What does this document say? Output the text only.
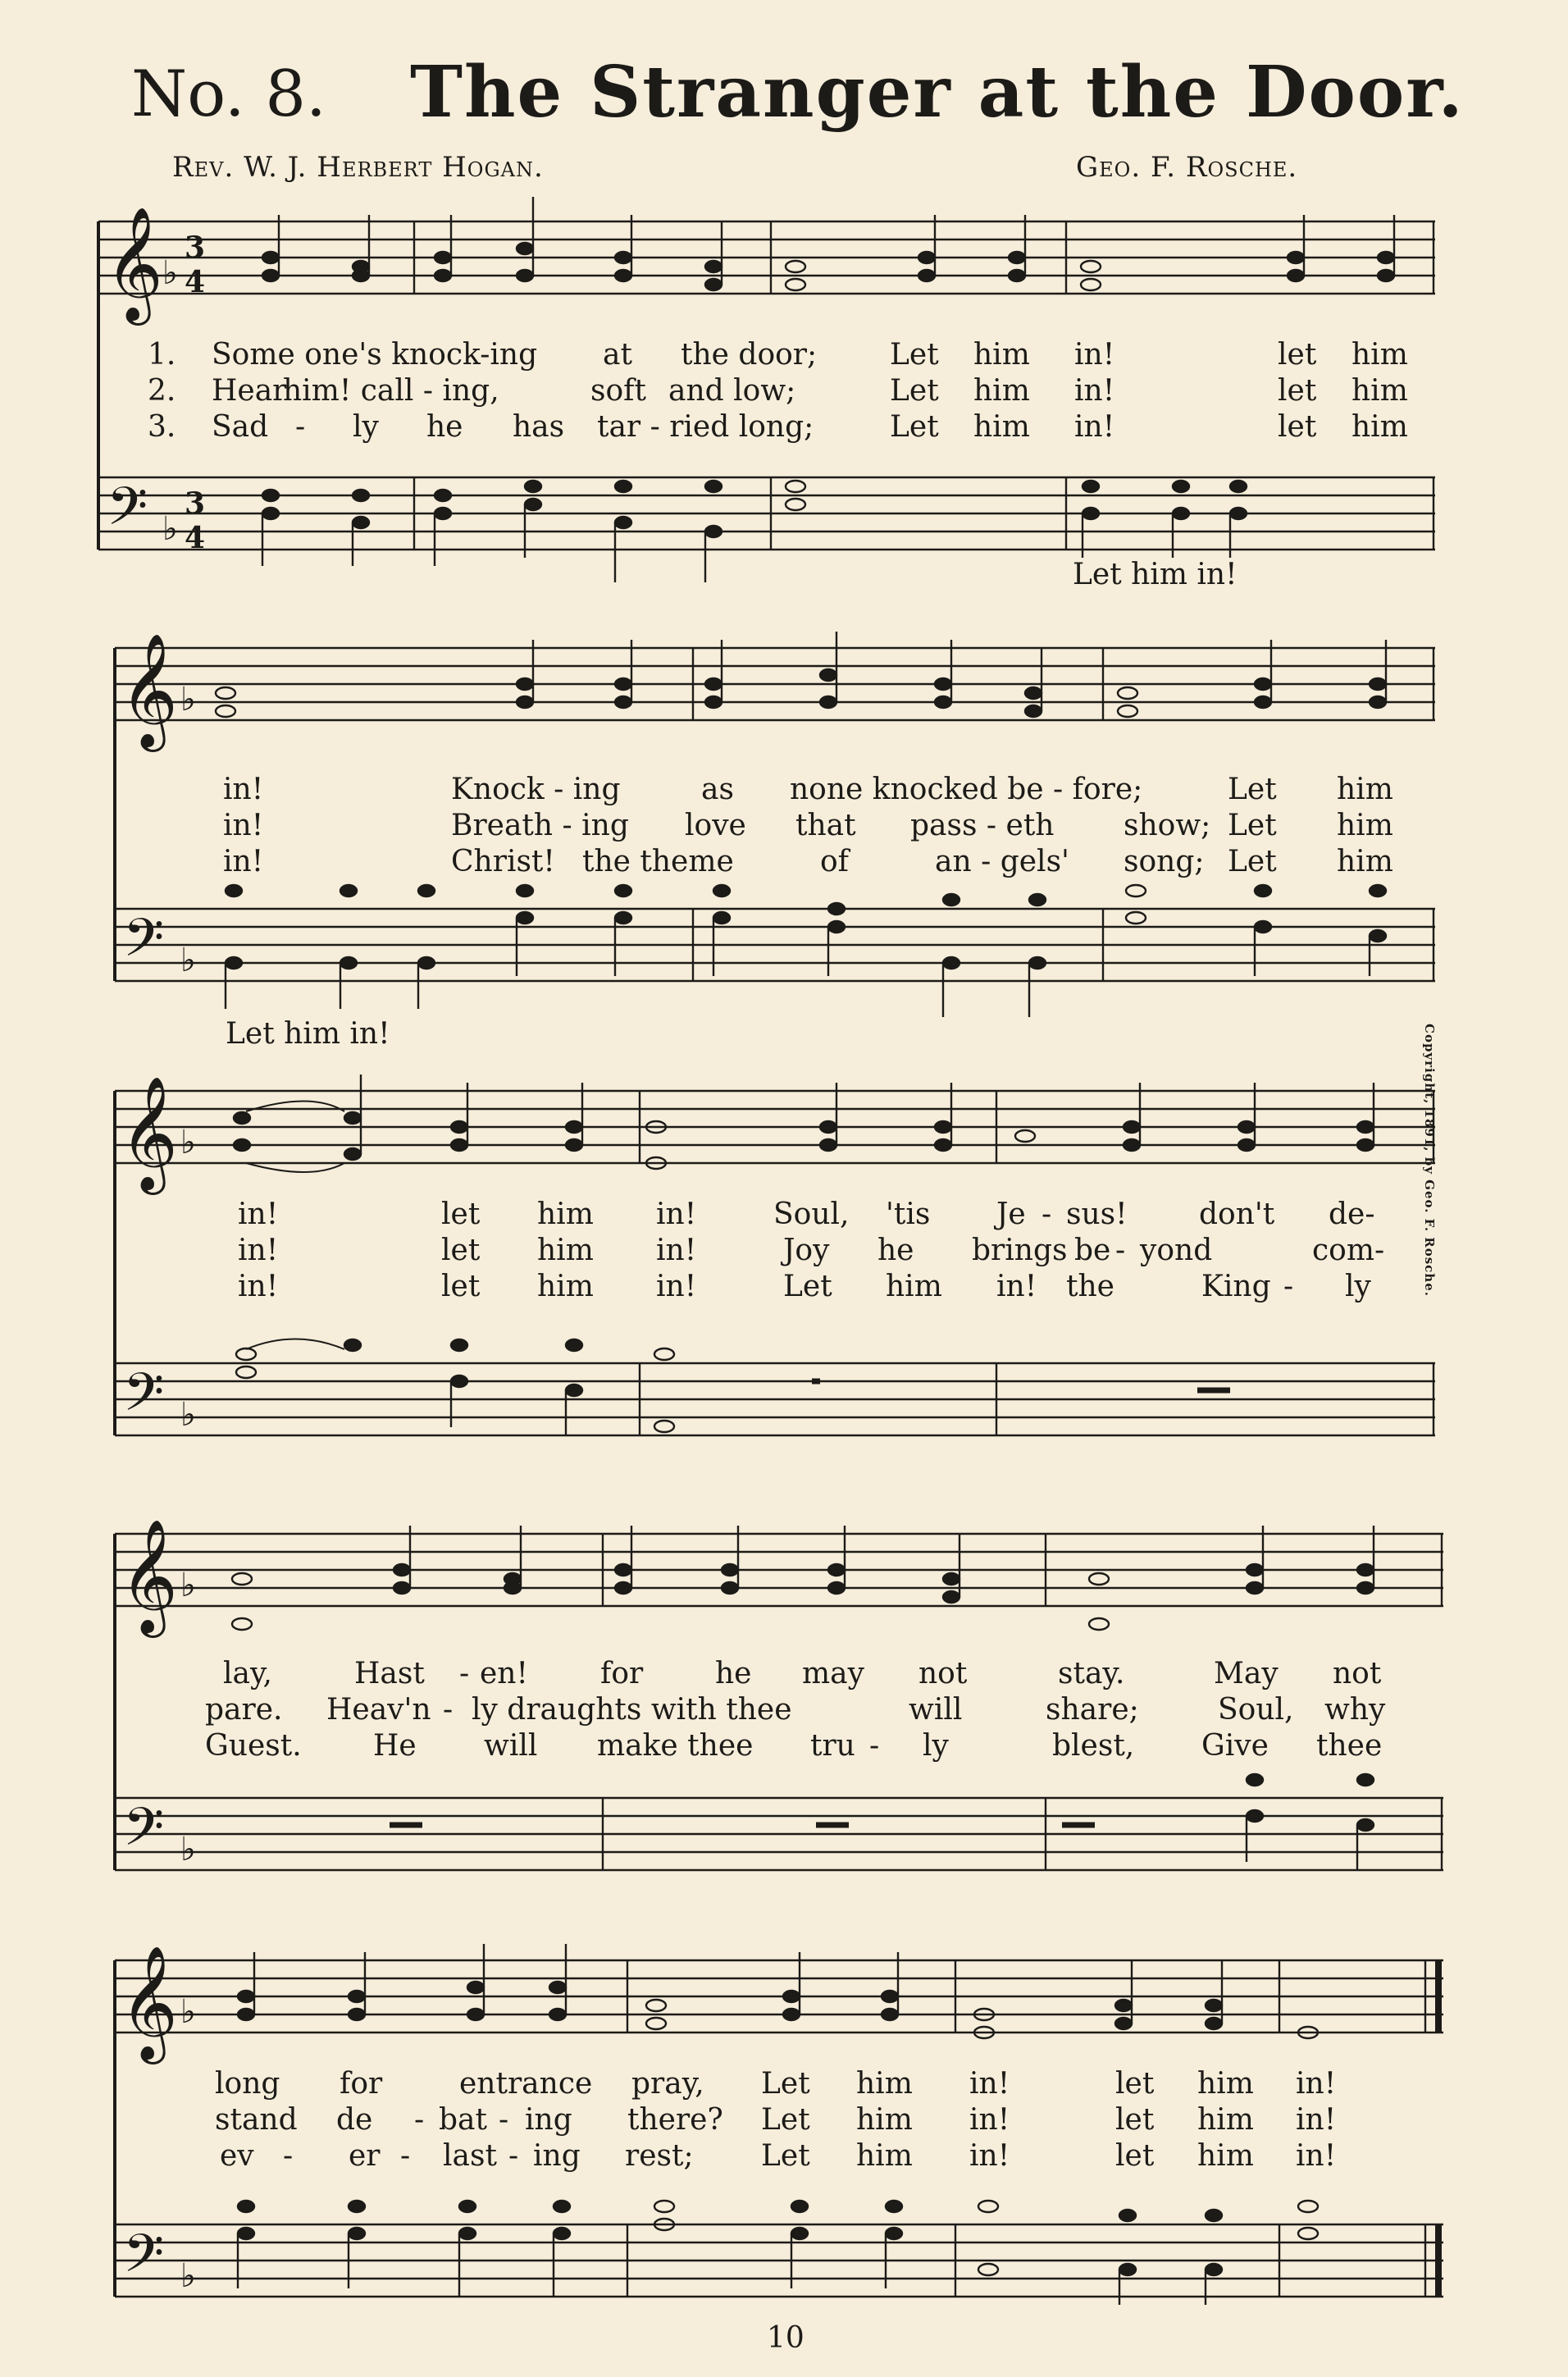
No. 8. The Stranger at the Door.
Rev. W. J. Herbert Hogan.	Geo. F. Rosche.
𝄞
𝄢
3
4
3
4
♭
♭
1.
2.
3.
Some one's knock-ing at the door; Let him in!	let him
Hear
him! call - ing,	soft and low;	Let him in!	let him
Sad - ly he has tar - ried long;	Let him in!	let him
Let him in!
𝄞
𝄢
♭
♭
in!	Knock - ing	as none knocked be - fore;	Let him
in!	Breath - ing love that pass - eth show; Let him
in!	Christ! the theme	of	an - gels' song; Let him
Let him in!
𝄞
𝄢
♭
♭
in!	let him in!	Soul, 'tis Je - sus! don't de-
in!	let him in!	Joy he brings be - yond	com-
in!	let him in!	Let him in! the	King - ly
𝄞
𝄢
♭
♭
lay,	Hast - en! for he may not	stay.	May not
pare. Heav'n - ly draughts with thee	will	share;	Soul, why
Guest. He will make thee tru - ly	blest, Give thee
𝄞
𝄢
♭
♭
long for	entrance pray, Let him in!	let him in!
stand de - bat - ing there? Let him in!	let him in!
ev - er - last - ing rest; Let him in!	let him in!
Copyright, 1891, by Geo. F. Rosche.
10
